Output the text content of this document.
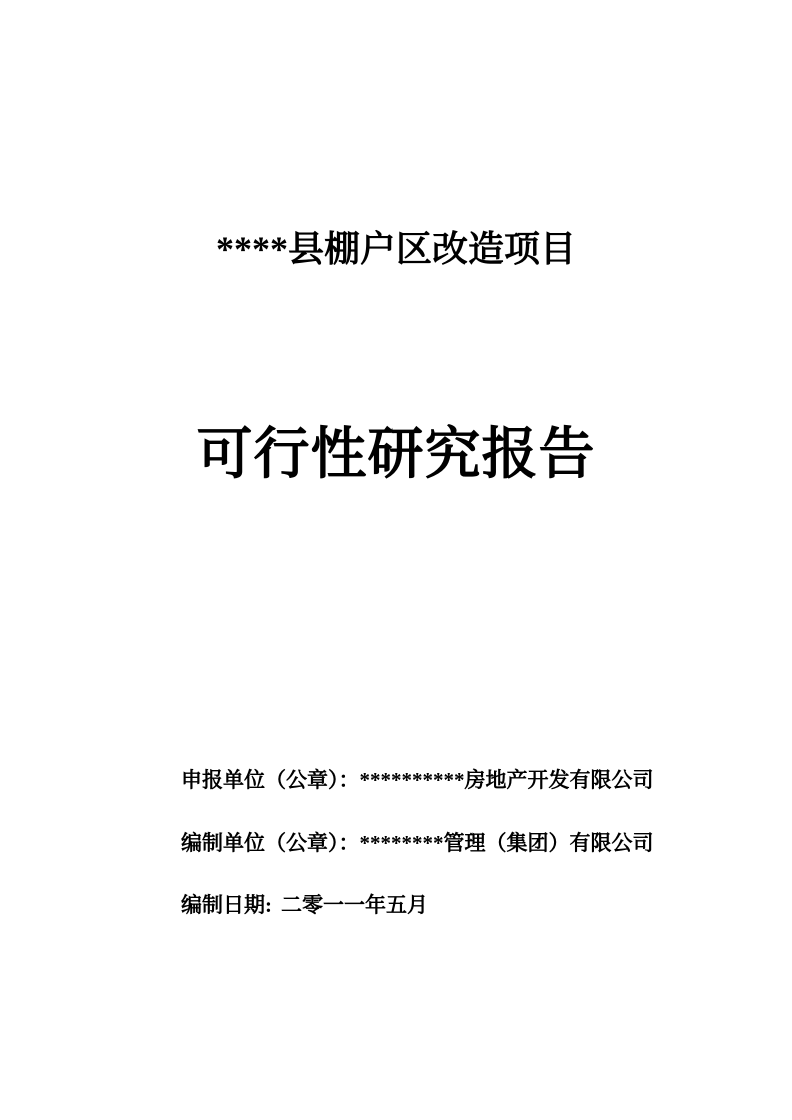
****县棚户区改造项目
可行性研究报告
申报单位（公章）：**********房地产开发有限公司
编制单位（公章）：********管理（集团）有限公司
编制日期: 二零一一年五月
